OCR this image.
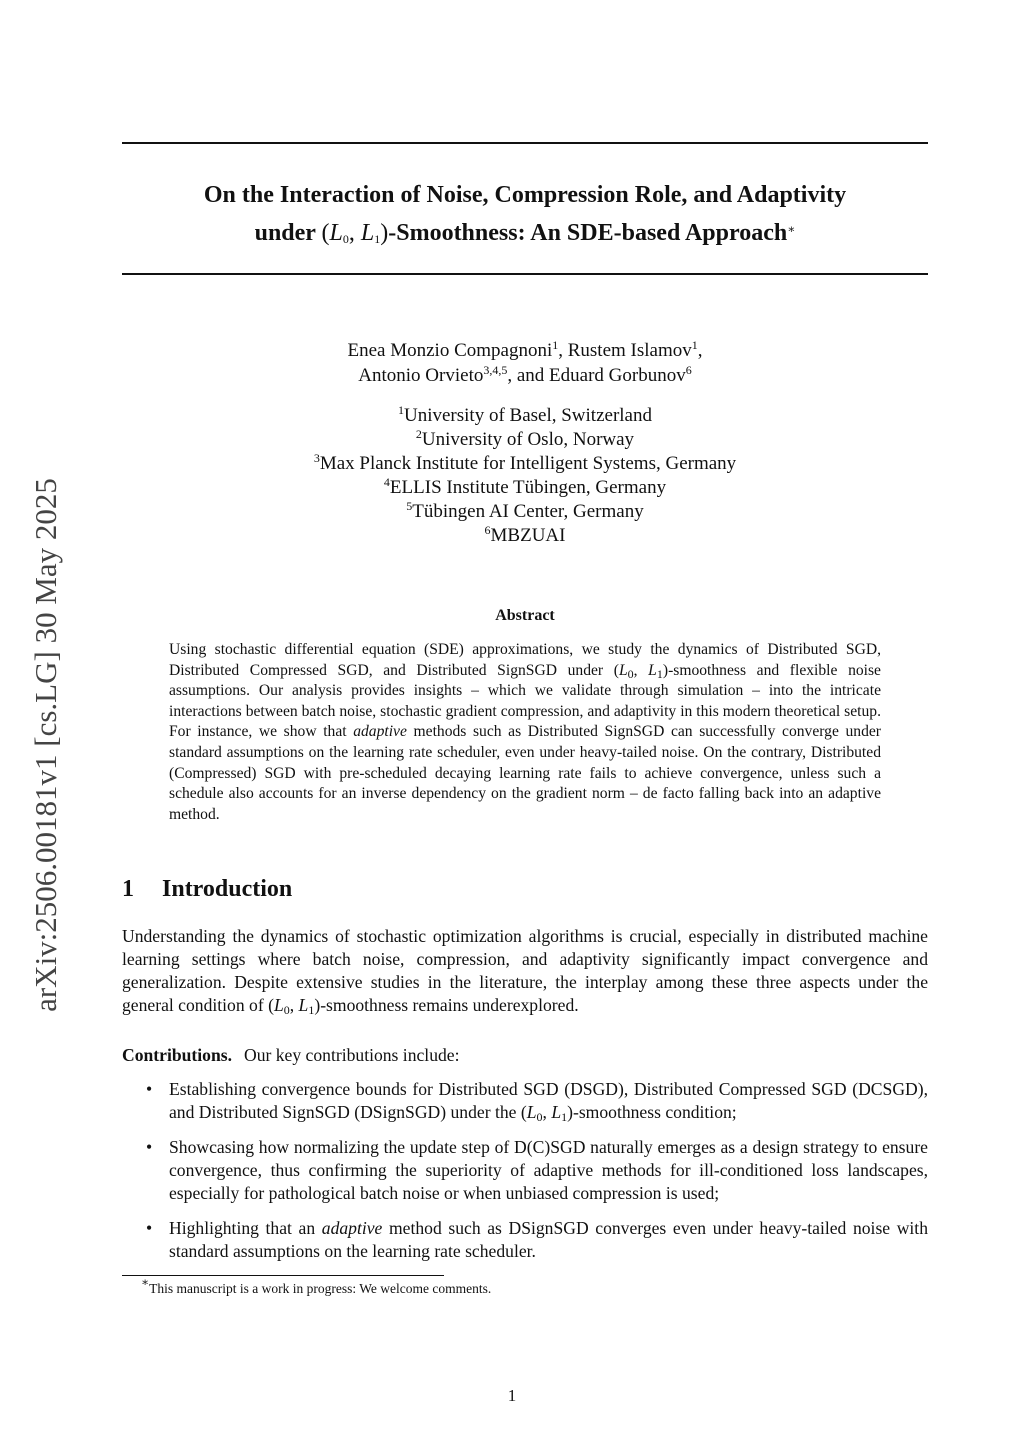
On the Interaction of Noise, Compression Role, and Adaptivity
under ($L_0$, $L_1$)-Smoothness: An SDE-based Approach∗
arXiv:2506.00181v1 [cs.LG] 30 May 2025
Enea Monzio Compagnoni$^1$, Rustem Islamov$^1$,
Antonio Orvieto$^{3,4,5}$, and Eduard Gorbunov$^6$
$^1$University of Basel, Switzerland
$^2$University of Oslo, Norway
$^3$Max Planck Institute for Intelligent Systems, Germany
$^4$ELLIS Institute Tübingen, Germany
$^5$Tübingen AI Center, Germany
$^6$MBZUAI
Abstract
Using stochastic differential equation (SDE) approximations, we study the dynamics of Distributed SGD, Distributed Compressed SGD, and Distributed SignSGD under ($L_0$, $L_1$)-smoothness and flexible noise assumptions. Our analysis provides insights – which we validate through simulation – into the intricate interactions between batch noise, stochastic gradient compression, and adaptivity in this modern theoretical setup. For instance, we show that adaptive methods such as Distributed SignSGD can successfully converge under standard assumptions on the learning rate scheduler, even under heavy-tailed noise. On the contrary, Distributed (Compressed) SGD with pre-scheduled decaying learning rate fails to achieve convergence, unless such a schedule also accounts for an inverse dependency on the gradient norm – de facto falling back into an adaptive method.
1 Introduction
Understanding the dynamics of stochastic optimization algorithms is crucial, especially in distributed machine learning settings where batch noise, compression, and adaptivity significantly impact convergence and generalization. Despite extensive studies in the literature, the interplay among these three aspects under the general condition of ($L_0$, $L_1$)-smoothness remains underexplored.
Contributions. Our key contributions include:
• Establishing convergence bounds for Distributed SGD (DSGD), Distributed Compressed SGD (DCSGD), and Distributed SignSGD (DSignSGD) under the ($L_0$, $L_1$)-smoothness condition;
• Showcasing how normalizing the update step of D(C)SGD naturally emerges as a design strategy to ensure convergence, thus confirming the superiority of adaptive methods for ill-conditioned loss landscapes, especially for pathological batch noise or when unbiased compression is used;
• Highlighting that an adaptive method such as DSignSGD converges even under heavy-tailed noise with standard assumptions on the learning rate scheduler.
∗This manuscript is a work in progress: We welcome comments.
1
